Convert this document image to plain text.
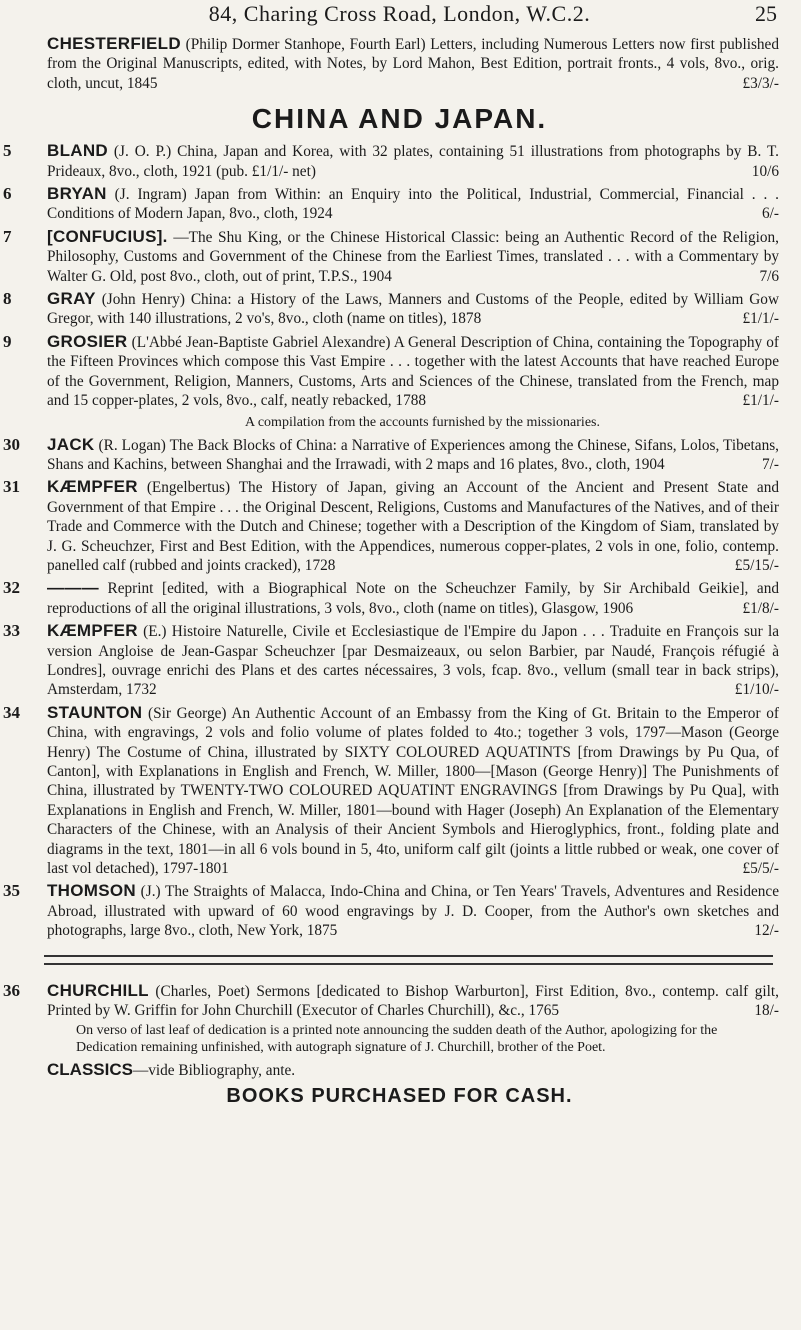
84, Charing Cross Road, London, W.C.2.	25
CHESTERFIELD (Philip Dormer Stanhope, Fourth Earl) Letters, including Numerous Letters now first published from the Original Manuscripts, edited, with Notes, by Lord Mahon, Best Edition, portrait fronts., 4 vols, 8vo., orig. cloth, uncut, 1845	£3/3/-
CHINA AND JAPAN.
5 BLAND (J. O. P.) China, Japan and Korea, with 32 plates, containing 51 illustrations from photographs by B. T. Prideaux, 8vo., cloth, 1921 (pub. £1/1/- net)	10/6
6 BRYAN (J. Ingram) Japan from Within: an Enquiry into the Political, Industrial, Commercial, Financial . . . Conditions of Modern Japan, 8vo., cloth, 1924	6/-
7 [CONFUCIUS]. —The Shu King, or the Chinese Historical Classic: being an Authentic Record of the Religion, Philosophy, Customs and Government of the Chinese from the Earliest Times, translated . . . with a Commentary by Walter G. Old, post 8vo., cloth, out of print, T.P.S., 1904	7/6
8 GRAY (John Henry) China: a History of the Laws, Manners and Customs of the People, edited by William Gow Gregor, with 140 illustrations, 2 vo's, 8vo., cloth (name on titles), 1878	£1/1/-
9 GROSIER (L'Abbé Jean-Baptiste Gabriel Alexandre) A General Description of China, containing the Topography of the Fifteen Provinces which compose this Vast Empire . . . together with the latest Accounts that have reached Europe of the Government, Religion, Manners, Customs, Arts and Sciences of the Chinese, translated from the French, map and 15 copper-plates, 2 vols, 8vo., calf, neatly rebacked, 1788	£1/1/-
A compilation from the accounts furnished by the missionaries.
30 JACK (R. Logan) The Back Blocks of China: a Narrative of Experiences among the Chinese, Sifans, Lolos, Tibetans, Shans and Kachins, between Shanghai and the Irrawadi, with 2 maps and 16 plates, 8vo., cloth, 1904	7/-
31 KÆMPFER (Engelbertus) The History of Japan, giving an Account of the Ancient and Present State and Government of that Empire . . . the Original Descent, Religions, Customs and Manufactures of the Natives, and of their Trade and Commerce with the Dutch and Chinese; together with a Description of the Kingdom of Siam, translated by J. G. Scheuchzer, First and Best Edition, with the Appendices, numerous copper-plates, 2 vols in one, folio, contemp. panelled calf (rubbed and joints cracked), 1728	£5/15/-
32 ——— Reprint [edited, with a Biographical Note on the Scheuchzer Family, by Sir Archibald Geikie], and reproductions of all the original illustrations, 3 vols, 8vo., cloth (name on titles), Glasgow, 1906	£1/8/-
33 KÆMPFER (E.) Histoire Naturelle, Civile et Ecclesiastique de l'Empire du Japon . . . Traduite en François sur la version Angloise de Jean-Gaspar Scheuchzer [par Desmaizeaux, ou selon Barbier, par Naudé, François réfugié à Londres], ouvrage enrichi des Plans et des cartes nécessaires, 3 vols, fcap. 8vo., vellum (small tear in back strips), Amsterdam, 1732	£1/10/-
34 STAUNTON (Sir George) An Authentic Account of an Embassy from the King of Gt. Britain to the Emperor of China, with engravings, 2 vols and folio volume of plates folded to 4to.; together 3 vols, 1797—Mason (George Henry) The Costume of China, illustrated by SIXTY COLOURED AQUATINTS [from Drawings by Pu Qua, of Canton], with Explanations in English and French, W. Miller, 1800—[Mason (George Henry)] The Punishments of China, illustrated by TWENTY-TWO COLOURED AQUATINT ENGRAVINGS [from Drawings by Pu Qua], with Explanations in English and French, W. Miller, 1801—bound with Hager (Joseph) An Explanation of the Elementary Characters of the Chinese, with an Analysis of their Ancient Symbols and Hieroglyphics, front., folding plate and diagrams in the text, 1801—in all 6 vols bound in 5, 4to, uniform calf gilt (joints a little rubbed or weak, one cover of last vol detached), 1797-1801	£5/5/-
35 THOMSON (J.) The Straights of Malacca, Indo-China and China, or Ten Years' Travels, Adventures and Residence Abroad, illustrated with upward of 60 wood engravings by J. D. Cooper, from the Author's own sketches and photographs, large 8vo., cloth, New York, 1875	12/-
36 CHURCHILL (Charles, Poet) Sermons [dedicated to Bishop Warburton], First Edition, 8vo., contemp. calf gilt, Printed by W. Griffin for John Churchill (Executor of Charles Churchill), &c., 1765	18/-
On verso of last leaf of dedication is a printed note announcing the sudden death of the Author, apologizing for the Dedication remaining unfinished, with autograph signature of J. Churchill, brother of the Poet.
CLASSICS—vide Bibliography, ante.
BOOKS PURCHASED FOR CASH.
